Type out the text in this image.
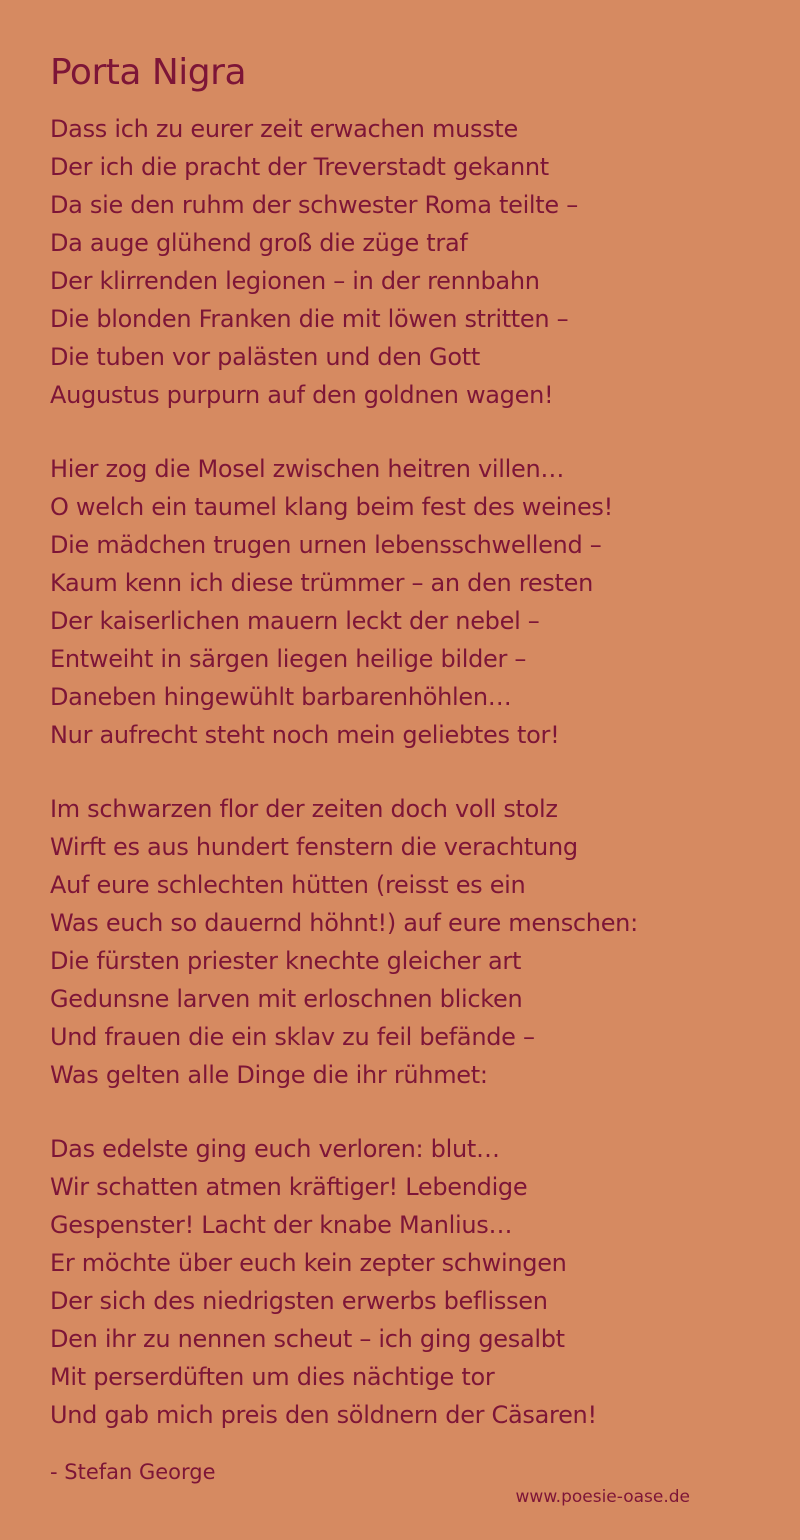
Porta Nigra
Dass ich zu eurer zeit erwachen musste
Der ich die pracht der Treverstadt gekannt
Da sie den ruhm der schwester Roma teilte –
Da auge glühend groß die züge traf
Der klirrenden legionen – in der rennbahn
Die blonden Franken die mit löwen stritten –
Die tuben vor palästen und den Gott
Augustus purpurn auf den goldnen wagen!
Hier zog die Mosel zwischen heitren villen…
O welch ein taumel klang beim fest des weines!
Die mädchen trugen urnen lebensschwellend –
Kaum kenn ich diese trümmer – an den resten
Der kaiserlichen mauern leckt der nebel –
Entweiht in särgen liegen heilige bilder –
Daneben hingewühlt barbarenhöhlen…
Nur aufrecht steht noch mein geliebtes tor!
Im schwarzen flor der zeiten doch voll stolz
Wirft es aus hundert fenstern die verachtung
Auf eure schlechten hütten (reisst es ein
Was euch so dauernd höhnt!) auf eure menschen:
Die fürsten priester knechte gleicher art
Gedunsne larven mit erloschnen blicken
Und frauen die ein sklav zu feil befände –
Was gelten alle Dinge die ihr rühmet:
Das edelste ging euch verloren: blut…
Wir schatten atmen kräftiger! Lebendige
Gespenster! Lacht der knabe Manlius…
Er möchte über euch kein zepter schwingen
Der sich des niedrigsten erwerbs beflissen
Den ihr zu nennen scheut – ich ging gesalbt
Mit perserdüften um dies nächtige tor
Und gab mich preis den söldnern der Cäsaren!
- Stefan George
www.poesie-oase.de
